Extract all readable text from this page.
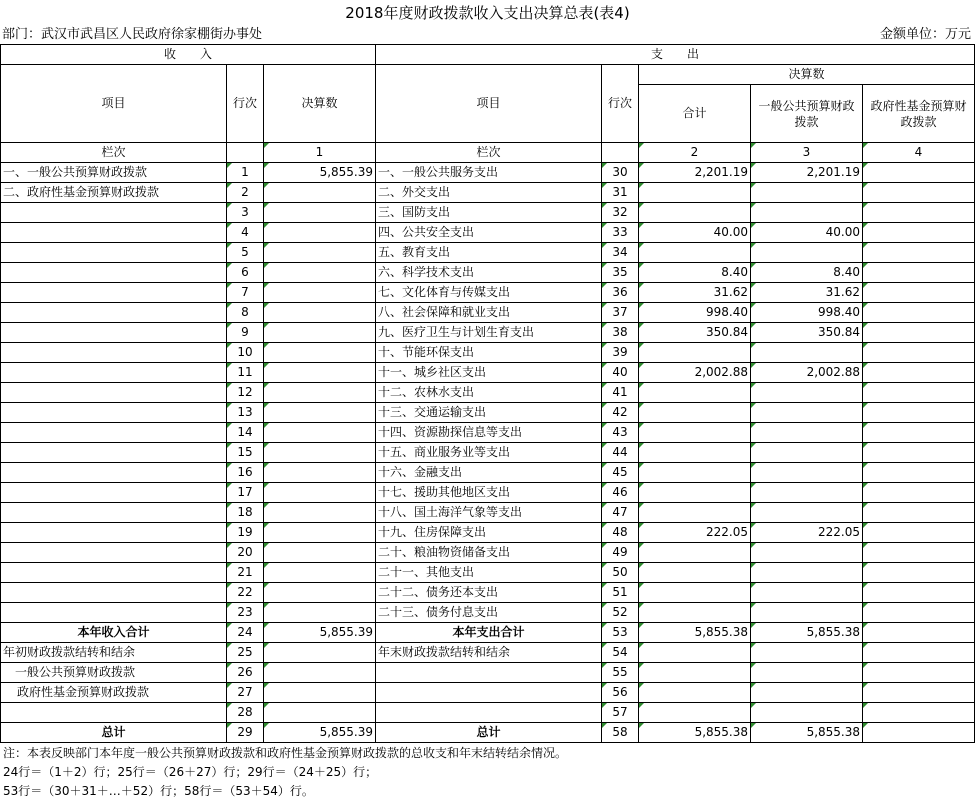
2018年度财政拨款收入支出决算总表(表4)
部门：武汉市武昌区人民政府徐家棚街办事处	金额单位：万元
收　　入			支　　出				
项目	行次	决算数	项目	行次	决算数		
					合计	一般公共预算财政拨款	政府性基金预算财政拨款

栏次		1	栏次		2	3	4
一、一般公共预算财政拨款	1	5,855.39	一、一般公共服务支出	30	2,201.19	2,201.19	
二、政府性基金预算财政拨款	2		二、外交支出	31			
	3		三、国防支出	32			
	4		四、公共安全支出	33	40.00	40.00	
	5		五、教育支出	34			
	6		六、科学技术支出	35	8.40	8.40	
	7		七、文化体育与传媒支出	36	31.62	31.62	
	8		八、社会保障和就业支出	37	998.40	998.40	
	9		九、医疗卫生与计划生育支出	38	350.84	350.84	
	10		十、节能环保支出	39			
	11		十一、城乡社区支出	40	2,002.88	2,002.88	
	12		十二、农林水支出	41			
	13		十三、交通运输支出	42			
	14		十四、资源勘探信息等支出	43			
	15		十五、商业服务业等支出	44			
	16		十六、金融支出	45			
	17		十七、援助其他地区支出	46			
	18		十八、国土海洋气象等支出	47			
	19		十九、住房保障支出	48	222.05	222.05	
	20		二十、粮油物资储备支出	49			
	21		二十一、其他支出	50			
	22		二十二、债务还本支出	51			
	23		二十三、债务付息支出	52			
本年收入合计	24	5,855.39	本年支出合计	53	5,855.38	5,855.38	
年初财政拨款结转和结余	25		年末财政拨款结转和结余	54			
一般公共预算财政拨款	26			55			
政府性基金预算财政拨款	27			56			
	28			57			
总计	29	5,855.39	总计	58	5,855.38	5,855.38	
注：本表反映部门本年度一般公共预算财政拨款和政府性基金预算财政拨款的总收支和年末结转结余情况。
24行＝（1＋2）行；25行＝（26＋27）行；29行＝（24＋25）行；
53行＝（30＋31＋…＋52）行；58行＝（53＋54）行。
